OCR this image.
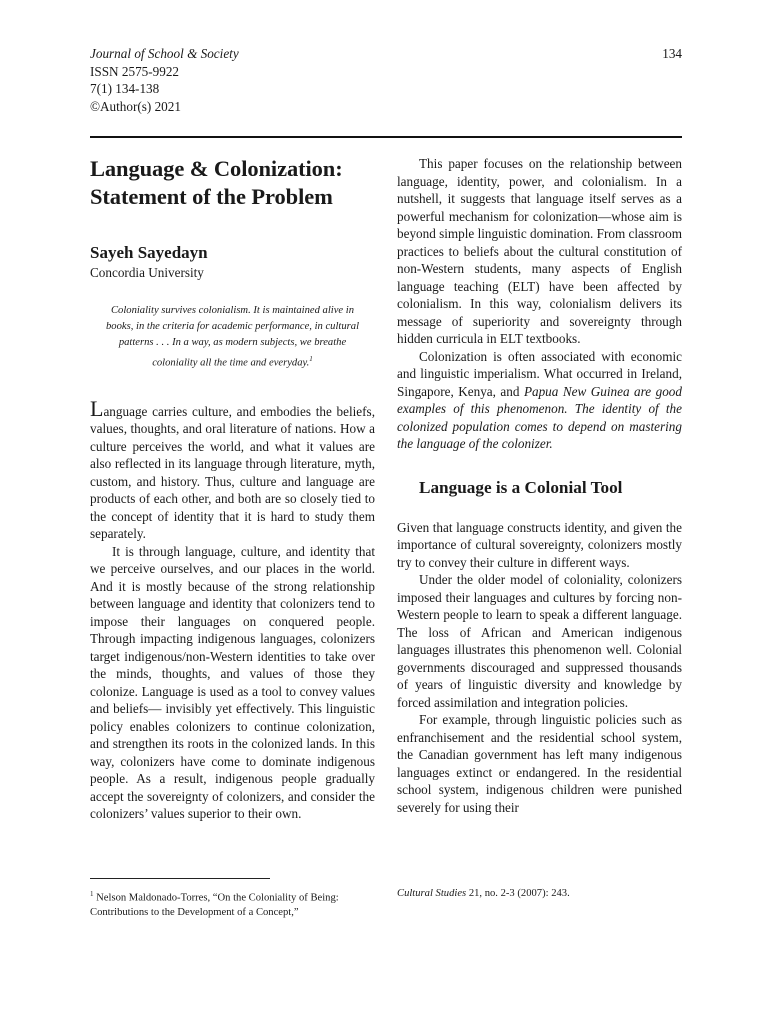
Journal of School & Society
ISSN 2575-9922
7(1) 134-138
©Author(s) 2021
134
Language & Colonization:
Statement of the Problem
Sayeh Sayedayn
Concordia University
Coloniality survives colonialism. It is maintained alive in books, in the criteria for academic performance, in cultural patterns . . . In a way, as modern subjects, we breathe coloniality all the time and everyday.$^1$

Language carries culture, and embodies the beliefs, values, thoughts, and oral literature of nations. How a culture perceives the world, and what it values are also reflected in its language through literature, myth, custom, and history. Thus, culture and language are products of each other, and both are so closely tied to the concept of identity that it is hard to study them separately.

It is through language, culture, and identity that we perceive ourselves, and our places in the world. And it is mostly because of the strong relationship between language and identity that colonizers tend to impose their languages on conquered people. Through impacting indigenous languages, colonizers target indigenous/non-Western identities to take over the minds, thoughts, and values of those they colonize. Language is used as a tool to convey values and beliefs— invisibly yet effectively. This linguistic policy enables colonizers to continue colonization, and strengthen its roots in the colonized lands. In this way, colonizers have come to dominate indigenous people. As a result, indigenous people gradually accept the sovereignty of colonizers, and consider the colonizers’ values superior to their own.

This paper focuses on the relationship between language, identity, power, and colonialism. In a nutshell, it suggests that language itself serves as a powerful mechanism for colonization—whose aim is beyond simple linguistic domination. From classroom practices to beliefs about the cultural constitution of non-Western students, many aspects of English language teaching (ELT) have been affected by colonialism. In this way, colonialism delivers its message of superiority and sovereignty through hidden curricula in ELT textbooks.

Colonization is often associated with economic and linguistic imperialism. What occurred in Ireland, Singapore, Kenya, and Papua New Guinea are good examples of this phenomenon. The identity of the colonized population comes to depend on mastering the language of the colonizer.

Language is a Colonial Tool

Given that language constructs identity, and given the importance of cultural sovereignty, colonizers mostly try to convey their culture in different ways.

Under the older model of coloniality, colonizers imposed their languages and cultures by forcing non-Western people to learn to speak a different language. The loss of African and American indigenous languages illustrates this phenomenon well. Colonial governments discouraged and suppressed thousands of years of linguistic diversity and knowledge by forced assimilation and integration policies.

For example, through linguistic policies such as enfranchisement and the residential school system, the Canadian government has left many indigenous languages extinct or endangered. In the residential school system, indigenous children were punished severely for using their

$^1$ Nelson Maldonado-Torres, “On the Coloniality of Being: Contributions to the Development of a Concept,”
Cultural Studies 21, no. 2-3 (2007): 243.
